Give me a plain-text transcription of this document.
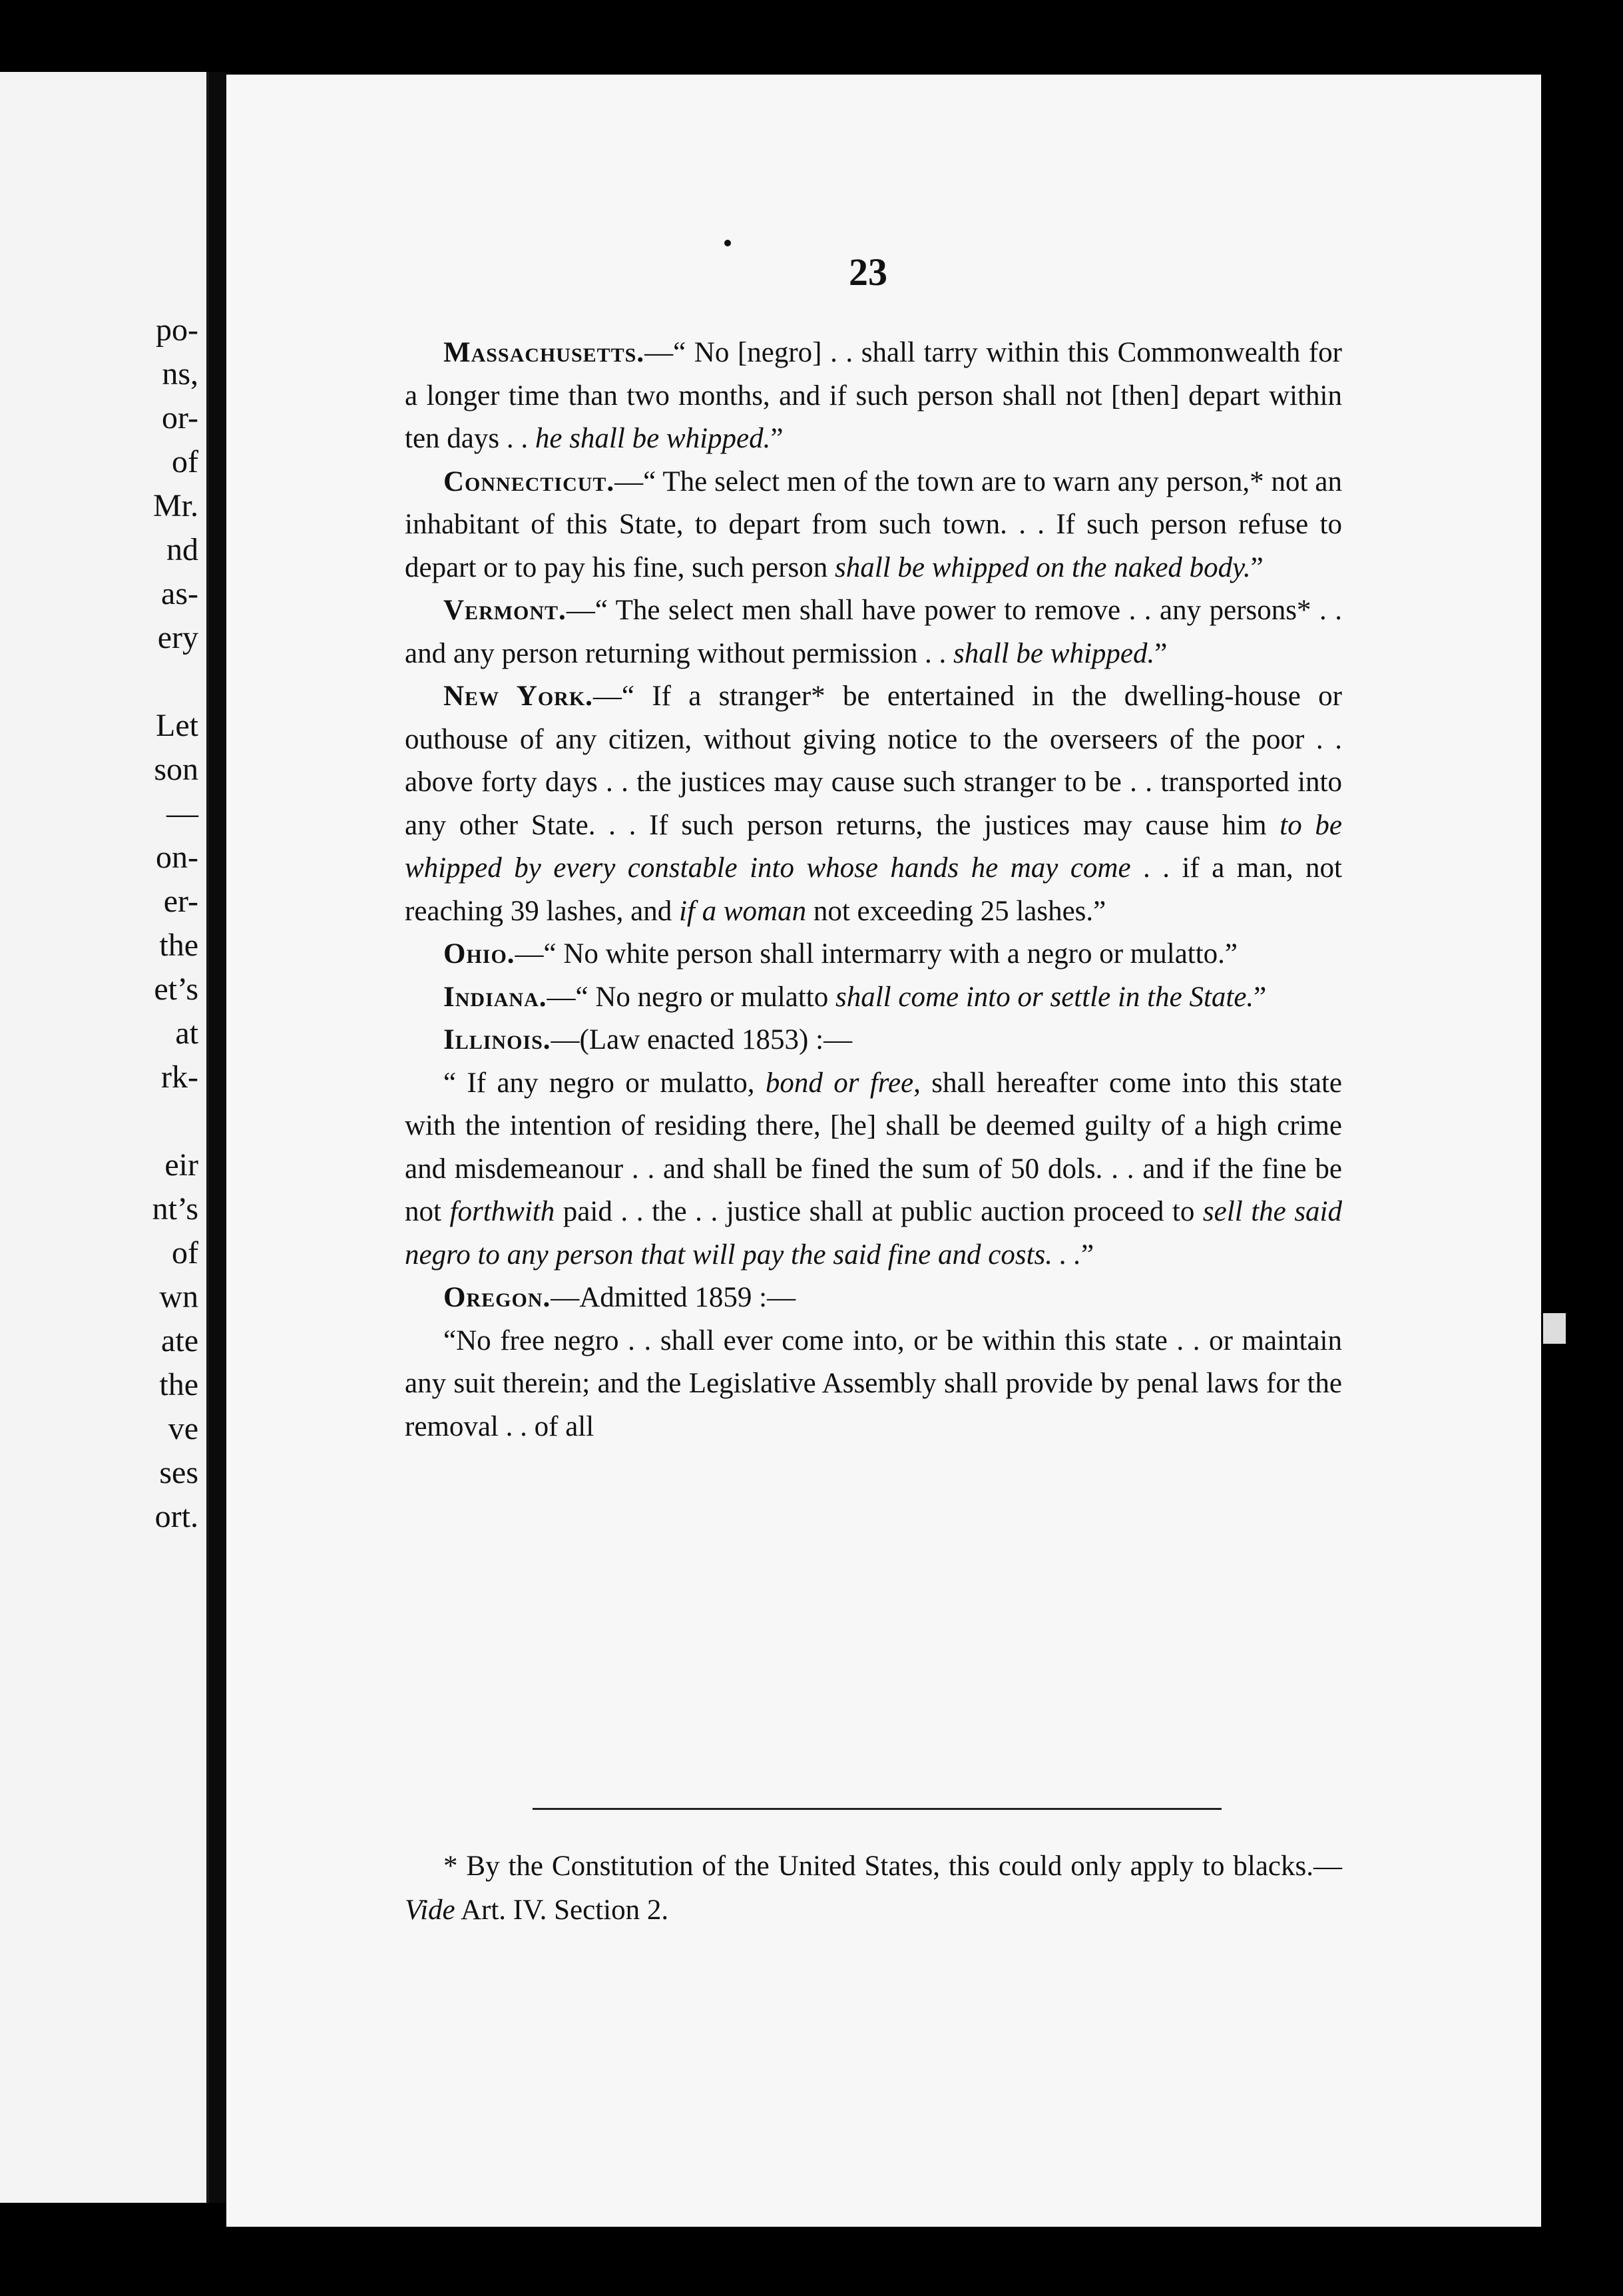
po-
ns,
or-
of
Mr.
nd
as-
ery
Let
son
—
on-
er-
the
et’s
at
rk-
eir
nt’s
of
wn
ate
the
ve
ses
ort.
23

Massachusetts.—“ No [negro] . . shall tarry within this Commonwealth for a longer time than two months, and if such person shall not [then] depart within ten days . . he shall be whipped.”

Connecticut.—“ The select men of the town are to warn any person,* not an inhabitant of this State, to depart from such town. . . If such person refuse to depart or to pay his fine, such person shall be whipped on the naked body.”

Vermont.—“ The select men shall have power to remove . . any persons* . . and any person returning without permission . . shall be whipped.”

New York.—“ If a stranger* be entertained in the dwelling-house or outhouse of any citizen, without giving notice to the overseers of the poor . . above forty days . . the justices may cause such stranger to be . . transported into any other State. . . If such person returns, the justices may cause him to be whipped by every constable into whose hands he may come . . if a man, not reaching 39 lashes, and if a woman not exceeding 25 lashes.”

Ohio.—“ No white person shall intermarry with a negro or mulatto.”

Indiana.—“ No negro or mulatto shall come into or settle in the State.”

Illinois.—(Law enacted 1853) :—

“ If any negro or mulatto, bond or free, shall hereafter come into this state with the intention of residing there, [he] shall be deemed guilty of a high crime and misdemeanour . . and shall be fined the sum of 50 dols. . . and if the fine be not forthwith paid . . the . . justice shall at public auction proceed to sell the said negro to any person that will pay the said fine and costs. . .”

Oregon.—Admitted 1859 :—

“No free negro . . shall ever come into, or be within this state . . or maintain any suit therein; and the Legislative Assembly shall provide by penal laws for the removal . . of all

* By the Constitution of the United States, this could only apply to blacks.—Vide Art. IV. Section 2.
